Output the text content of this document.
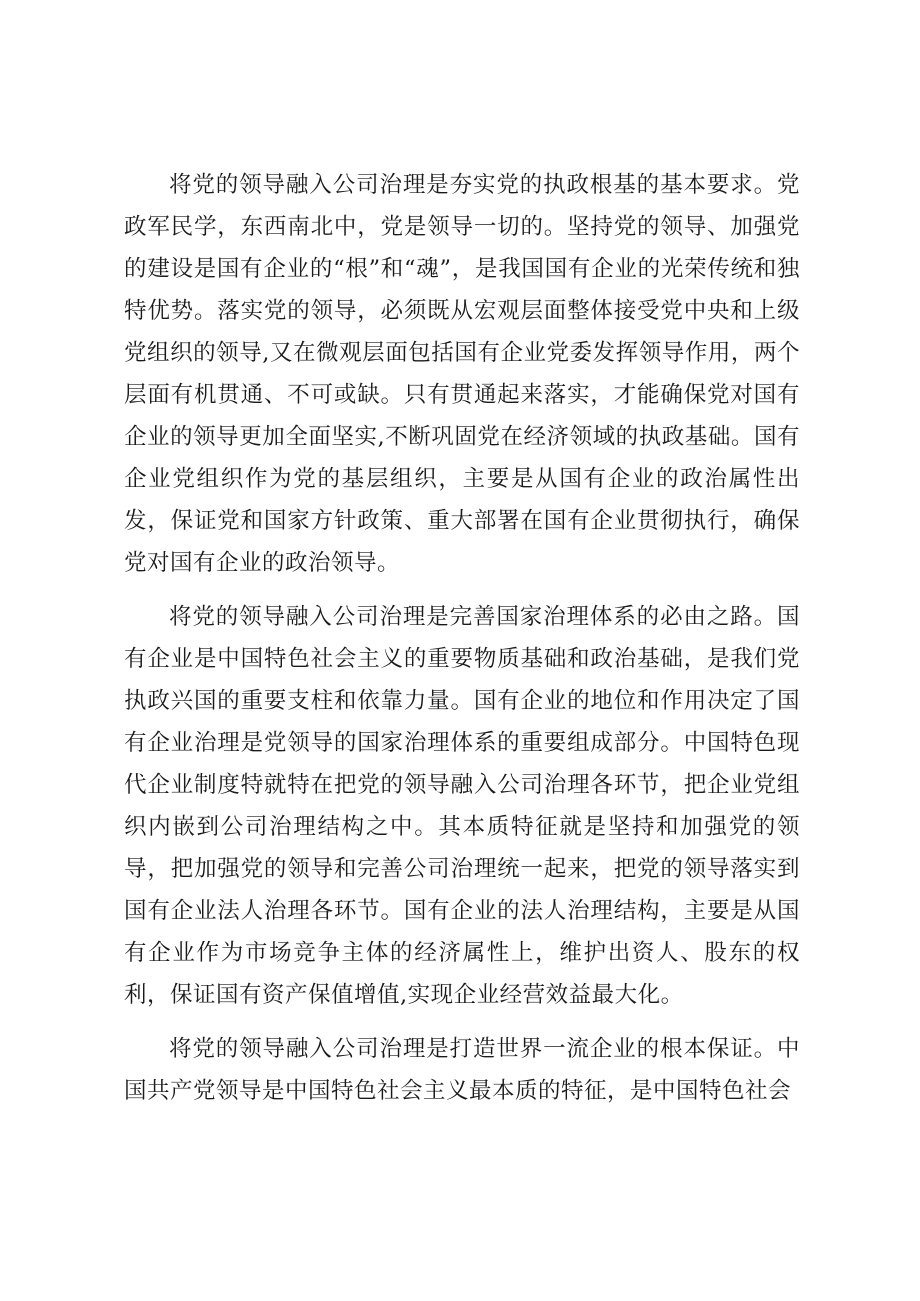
将党的领导融入公司治理是夯实党的执政根基的基本要求。党政军民学，东西南北中，党是领导一切的。坚持党的领导、加强党的建设是国有企业的“根”和“魂”，是我国国有企业的光荣传统和独特优势。落实党的领导，必须既从宏观层面整体接受党中央和上级党组织的领导,又在微观层面包括国有企业党委发挥领导作用，两个层面有机贯通、不可或缺。只有贯通起来落实，才能确保党对国有企业的领导更加全面坚实,不断巩固党在经济领域的执政基础。国有企业党组织作为党的基层组织，主要是从国有企业的政治属性出发，保证党和国家方针政策、重大部署在国有企业贯彻执行，确保党对国有企业的政治领导。

将党的领导融入公司治理是完善国家治理体系的必由之路。国有企业是中国特色社会主义的重要物质基础和政治基础，是我们党执政兴国的重要支柱和依靠力量。国有企业的地位和作用决定了国有企业治理是党领导的国家治理体系的重要组成部分。中国特色现代企业制度特就特在把党的领导融入公司治理各环节，把企业党组织内嵌到公司治理结构之中。其本质特征就是坚持和加强党的领导，把加强党的领导和完善公司治理统一起来，把党的领导落实到国有企业法人治理各环节。国有企业的法人治理结构，主要是从国有企业作为市场竞争主体的经济属性上，维护出资人、股东的权利，保证国有资产保值增值,实现企业经营效益最大化。

将党的领导融入公司治理是打造世界一流企业的根本保证。中国共产党领导是中国特色社会主义最本质的特征，是中国特色社会
